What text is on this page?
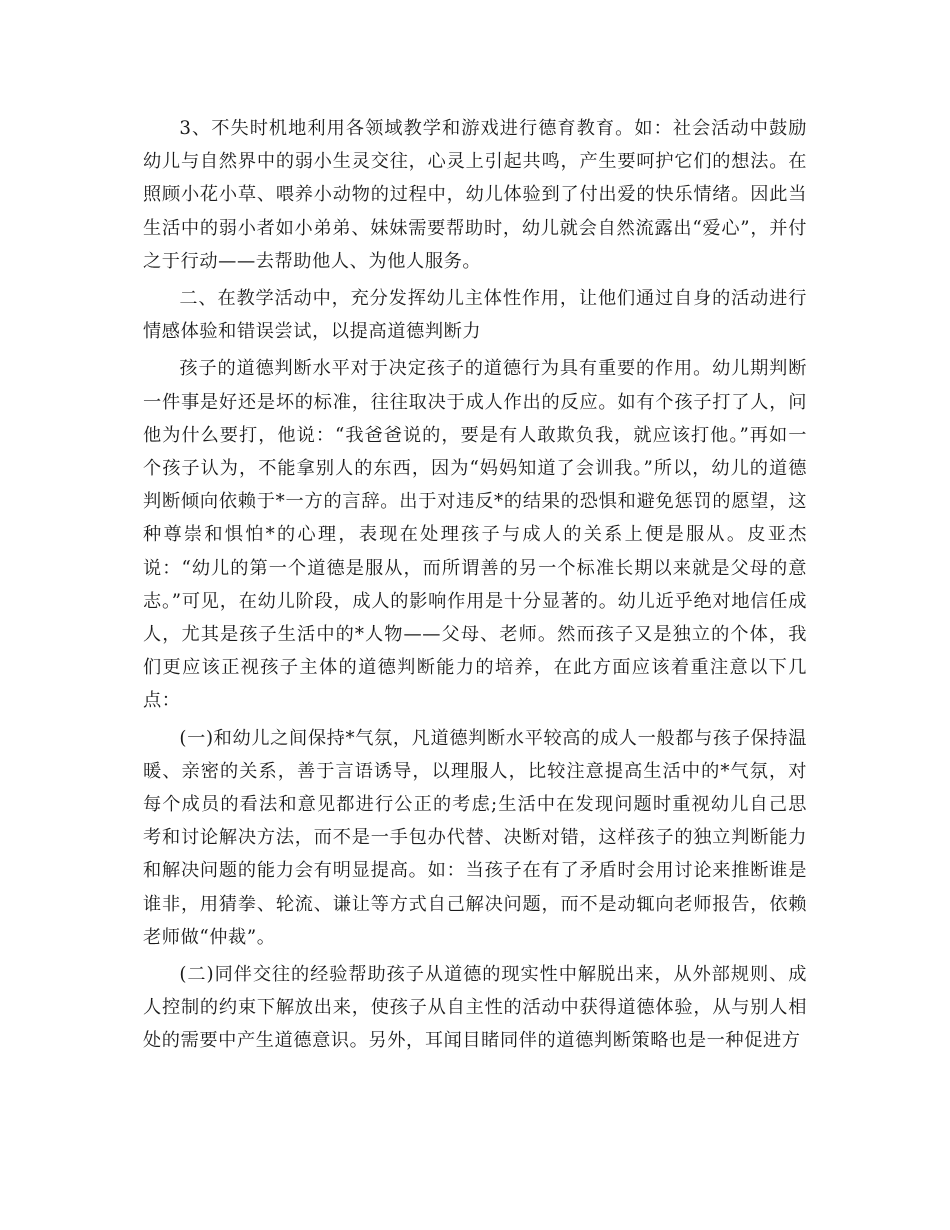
3、不失时机地利用各领域教学和游戏进行德育教育。如：社会活动中鼓励幼儿与自然界中的弱小生灵交往，心灵上引起共鸣，产生要呵护它们的想法。在照顾小花小草、喂养小动物的过程中，幼儿体验到了付出爱的快乐情绪。因此当生活中的弱小者如小弟弟、妹妹需要帮助时，幼儿就会自然流露出“爱心”，并付之于行动——去帮助他人、为他人服务。

二、在教学活动中，充分发挥幼儿主体性作用，让他们通过自身的活动进行情感体验和错误尝试，以提高道德判断力

孩子的道德判断水平对于决定孩子的道德行为具有重要的作用。幼儿期判断一件事是好还是坏的标准，往往取决于成人作出的反应。如有个孩子打了人，问他为什么要打，他说：“我爸爸说的，要是有人敢欺负我，就应该打他。”再如一个孩子认为，不能拿别人的东西，因为“妈妈知道了会训我。”所以，幼儿的道德判断倾向依赖于*一方的言辞。出于对违反*的结果的恐惧和避免惩罚的愿望，这种尊崇和惧怕*的心理，表现在处理孩子与成人的关系上便是服从。皮亚杰说：“幼儿的第一个道德是服从，而所谓善的另一个标准长期以来就是父母的意志。”可见，在幼儿阶段，成人的影响作用是十分显著的。幼儿近乎绝对地信任成人，尤其是孩子生活中的*人物——父母、老师。然而孩子又是独立的个体，我们更应该正视孩子主体的道德判断能力的培养，在此方面应该着重注意以下几点：

(一)和幼儿之间保持*气氛，凡道德判断水平较高的成人一般都与孩子保持温暖、亲密的关系，善于言语诱导，以理服人，比较注意提高生活中的*气氛，对每个成员的看法和意见都进行公正的考虑;生活中在发现问题时重视幼儿自己思考和讨论解决方法，而不是一手包办代替、决断对错，这样孩子的独立判断能力和解决问题的能力会有明显提高。如：当孩子在有了矛盾时会用讨论来推断谁是谁非，用猜拳、轮流、谦让等方式自己解决问题，而不是动辄向老师报告，依赖老师做“仲裁”。

(二)同伴交往的经验帮助孩子从道德的现实性中解脱出来，从外部规则、成人控制的约束下解放出来，使孩子从自主性的活动中获得道德体验，从与别人相处的需要中产生道德意识。另外，耳闻目睹同伴的道德判断策略也是一种促进方
